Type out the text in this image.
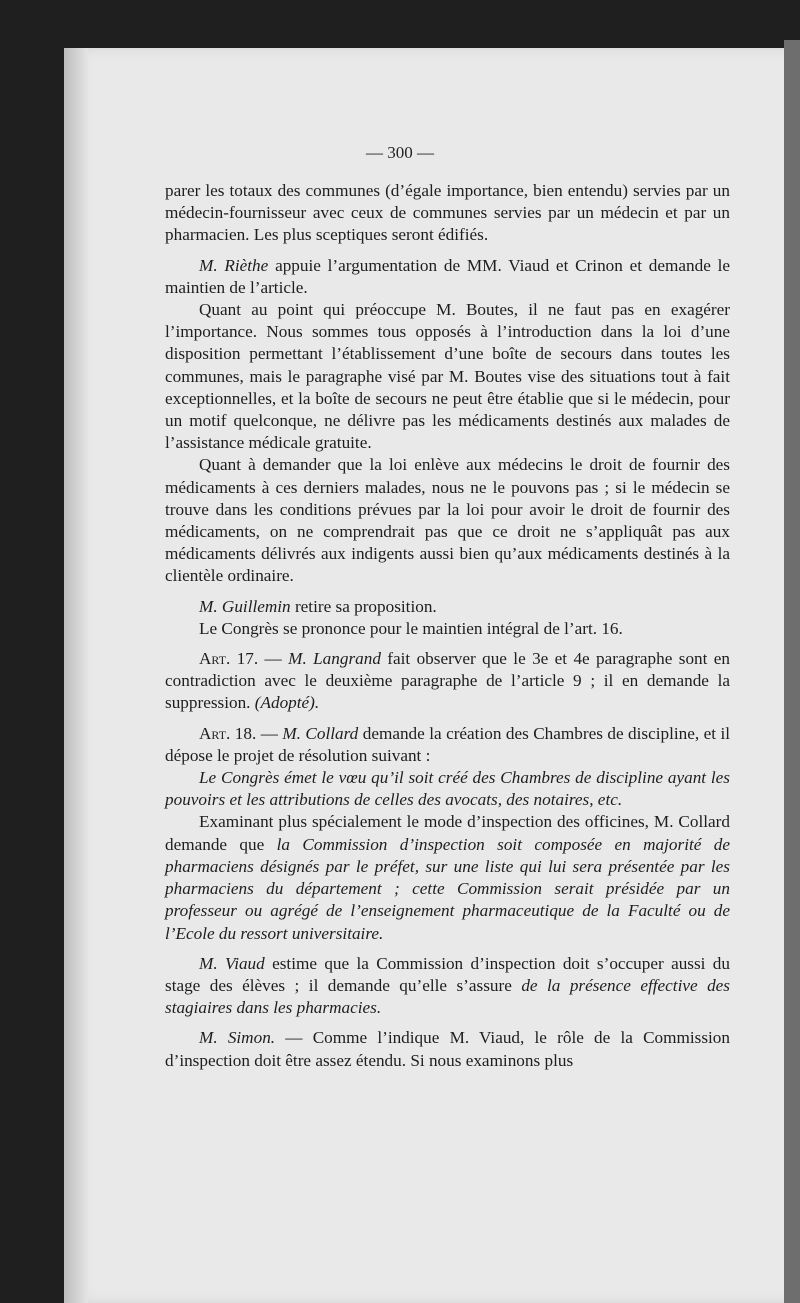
— 300 —

parer les totaux des communes (d’égale importance, bien entendu) servies par un médecin-fournisseur avec ceux de communes servies par un médecin et par un pharmacien. Les plus sceptiques seront édifiés.

M. Rièthe appuie l’argumentation de MM. Viaud et Crinon et demande le maintien de l’article.

Quant au point qui préoccupe M. Boutes, il ne faut pas en exagérer l’importance. Nous sommes tous opposés à l’introduction dans la loi d’une disposition permettant l’établissement d’une boîte de secours dans toutes les communes, mais le paragraphe visé par M. Boutes vise des situations tout à fait exceptionnelles, et la boîte de secours ne peut être établie que si le médecin, pour un motif quelconque, ne délivre pas les médicaments destinés aux malades de l’assistance médicale gratuite.

Quant à demander que la loi enlève aux médecins le droit de fournir des médicaments à ces derniers malades, nous ne le pouvons pas ; si le médecin se trouve dans les conditions prévues par la loi pour avoir le droit de fournir des médicaments, on ne comprendrait pas que ce droit ne s’appliquât pas aux médicaments délivrés aux indigents aussi bien qu’aux médicaments destinés à la clientèle ordinaire.

M. Guillemin retire sa proposition.

Le Congrès se prononce pour le maintien intégral de l’art. 16.

Art. 17. — M. Langrand fait observer que le 3e et 4e paragraphe sont en contradiction avec le deuxième paragraphe de l’article 9 ; il en demande la suppression. (Adopté).

Art. 18. — M. Collard demande la création des Chambres de discipline, et il dépose le projet de résolution suivant :

Le Congrès émet le vœu qu’il soit créé des Chambres de discipline ayant les pouvoirs et les attributions de celles des avocats, des notaires, etc.

Examinant plus spécialement le mode d’inspection des officines, M. Collard demande que la Commission d’inspection soit composée en majorité de pharmaciens désignés par le préfet, sur une liste qui lui sera présentée par les pharmaciens du département ; cette Commission serait présidée par un professeur ou agrégé de l’enseignement pharmaceutique de la Faculté ou de l’Ecole du ressort universitaire.

M. Viaud estime que la Commission d’inspection doit s’occuper aussi du stage des élèves ; il demande qu’elle s’assure de la présence effective des stagiaires dans les pharmacies.

M. Simon. — Comme l’indique M. Viaud, le rôle de la Commission d’inspection doit être assez étendu. Si nous examinons plus
